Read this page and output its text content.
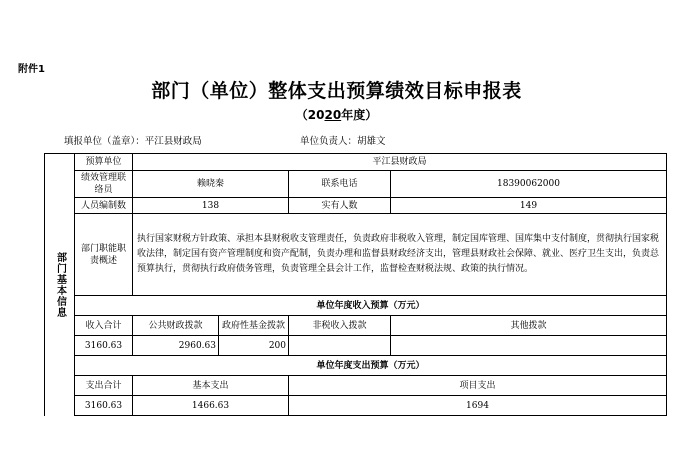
附件1
部门（单位）整体支出预算绩效目标申报表
（2020年度）
填报单位（盖章）：平江县财政局	单位负责人：胡雄文
部门基本信息	预算单位	平江县财政局			
	绩效管理联络员	赖晓秦		联系电话	18390062000
	人员编制数	138		实有人数	149
	部门职能职责概述	执行国家财税方针政策、承担本县财税收支管理责任，负责政府非税收入管理，制定国库管理、国库集中支付制度，贯彻执行国家税收法律，制定国有资产管理制度和资产配制，负责办理和监督县财政经济支出，管理县财政社会保障、就业、医疗卫生支出，负责总预算执行，贯彻执行政府债务管理，负责管理全县会计工作，监督检查财税法规、政策的执行情况。			
	单位年度收入预算（万元）				
	收入合计	公共财政拨款	政府性基金拨款	非税收入拨款	其他拨款
	3160.63	2960.63	200		
	单位年度支出预算（万元）				
	支出合计	基本支出		项目支出	
	3160.63	1466.63		1694	
